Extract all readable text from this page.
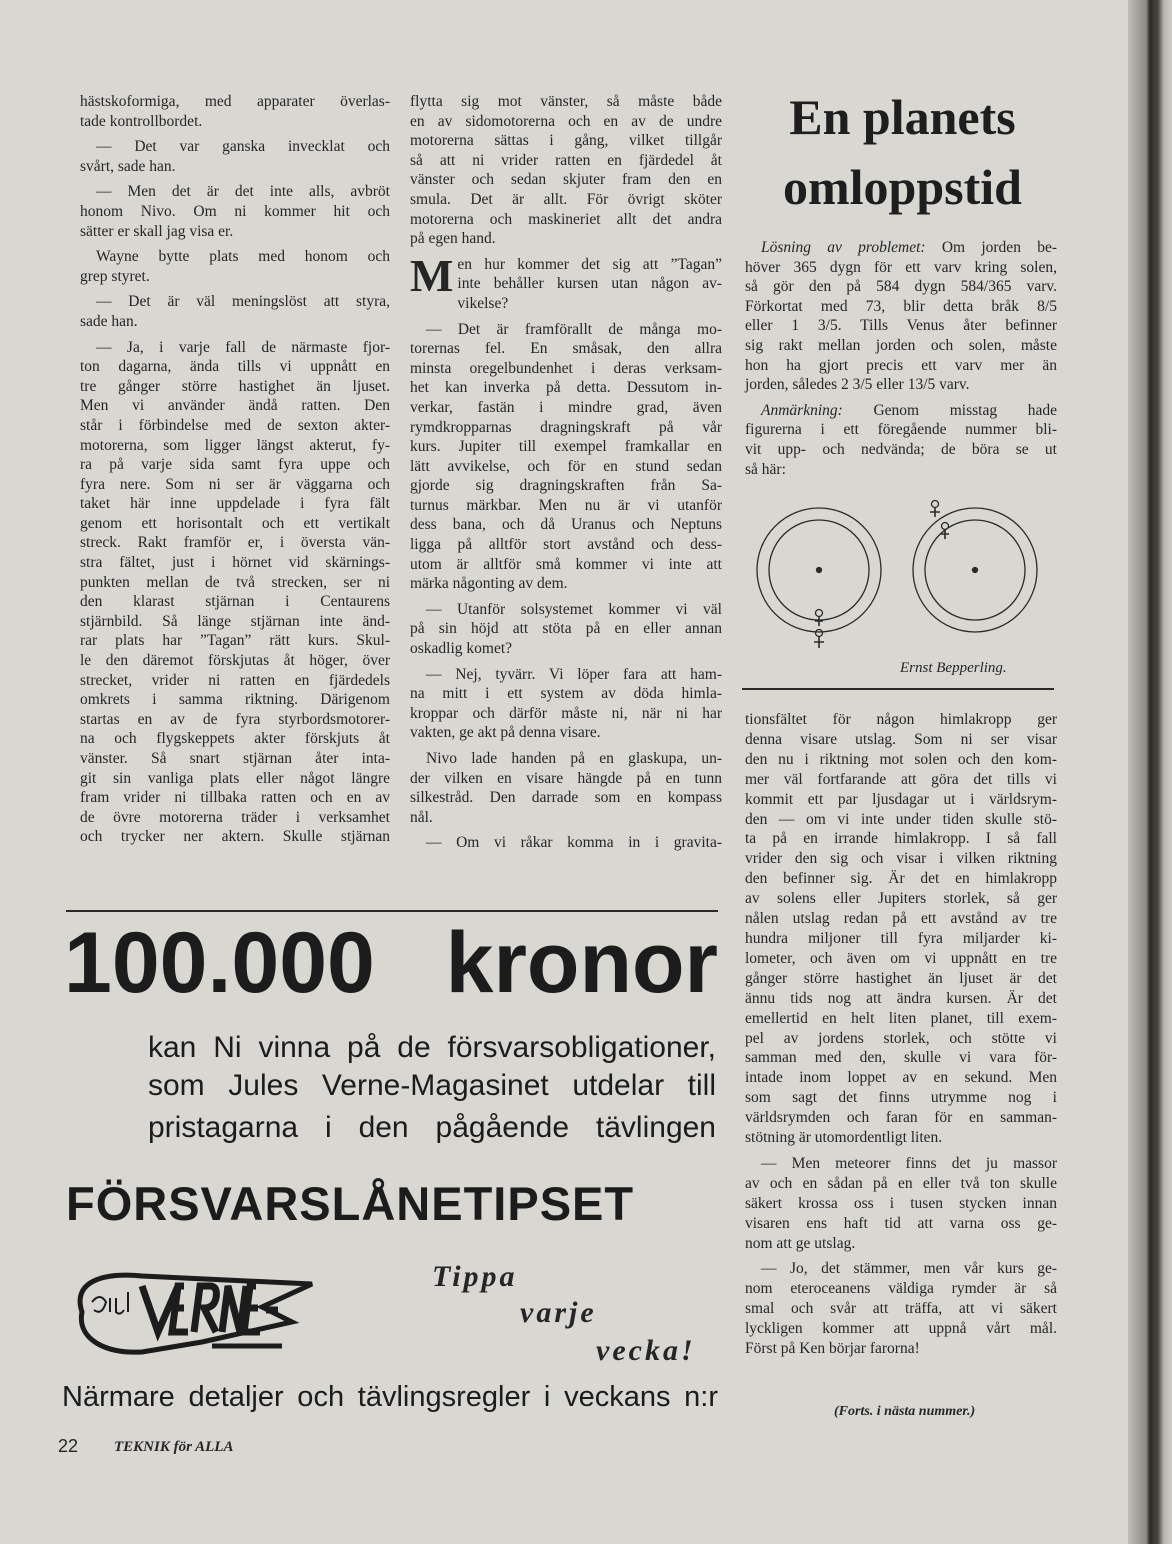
hästskoformiga, med apparater överlas-
tade kontrollbordet.
— Det var ganska invecklat och
svårt, sade han.
— Men det är det inte alls, avbröt
honom Nivo. Om ni kommer hit och
sätter er skall jag visa er.
Wayne bytte plats med honom och
grep styret.
— Det är väl meningslöst att styra,
sade han.
— Ja, i varje fall de närmaste fjor-
ton dagarna, ända tills vi uppnått en
tre gånger större hastighet än ljuset.
Men vi använder ändå ratten. Den
står i förbindelse med de sexton akter-
motorerna, som ligger längst akterut, fy-
ra på varje sida samt fyra uppe och
fyra nere. Som ni ser är väggarna och
taket här inne uppdelade i fyra fält
genom ett horisontalt och ett vertikalt
streck. Rakt framför er, i översta vän-
stra fältet, just i hörnet vid skärnings-
punkten mellan de två strecken, ser ni
den klarast stjärnan i Centaurens
stjärnbild. Så länge stjärnan inte änd-
rar plats har ”Tagan” rätt kurs. Skul-
le den däremot förskjutas åt höger, över
strecket, vrider ni ratten en fjärdedels
omkrets i samma riktning. Därigenom
startas en av de fyra styrbordsmotorer-
na och flygskeppets akter förskjuts åt
vänster. Så snart stjärnan åter inta-
git sin vanliga plats eller något längre
fram vrider ni tillbaka ratten och en av
de övre motorerna träder i verksamhet
och trycker ner aktern. Skulle stjärnan
flytta sig mot vänster, så måste både
en av sidomotorerna och en av de undre
motorerna sättas i gång, vilket tillgår
så att ni vrider ratten en fjärdedel åt
vänster och sedan skjuter fram den en
smula. Det är allt. För övrigt sköter
motorerna och maskineriet allt det andra
på egen hand.
M en hur kommer det sig att ”Tagan”
inte behåller kursen utan någon av-
vikelse?
— Det är framförallt de många mo-
torernas fel. En småsak, den allra
minsta oregelbundenhet i deras verksam-
het kan inverka på detta. Dessutom in-
verkar, fastän i mindre grad, även
rymdkropparnas dragningskraft på vår
kurs. Jupiter till exempel framkallar en
lätt avvikelse, och för en stund sedan
gjorde sig dragningskraften från Sa-
turnus märkbar. Men nu är vi utanför
dess bana, och då Uranus och Neptuns
ligga på alltför stort avstånd och dess-
utom är alltför små kommer vi inte att
märka någonting av dem.
— Utanför solsystemet kommer vi väl
på sin höjd att stöta på en eller annan
oskadlig komet?
— Nej, tyvärr. Vi löper fara att ham-
na mitt i ett system av döda himla-
kroppar och därför måste ni, när ni har
vakten, ge akt på denna visare.
Nivo lade handen på en glaskupa, un-
der vilken en visare hängde på en tunn
silkestråd. Den darrade som en kompass
nål.
— Om vi råkar komma in i gravita-
En planets
omloppstid
Lösning av problemet: Om jorden be-
höver 365 dygn för ett varv kring solen,
så gör den på 584 dygn 584/365 varv.
Förkortat med 73, blir detta bråk 8/5
eller 1 3/5. Tills Venus åter befinner
sig rakt mellan jorden och solen, måste
hon ha gjort precis ett varv mer än
jorden, således 2 3/5 eller 13/5 varv.
Anmärkning: Genom misstag hade
figurerna i ett föregående nummer bli-
vit upp- och nedvända; de böra se ut
så här:
Ernst Bepperling.
tionsfältet för någon himlakropp ger
denna visare utslag. Som ni ser visar
den nu i riktning mot solen och den kom-
mer väl fortfarande att göra det tills vi
kommit ett par ljusdagar ut i världsrym-
den — om vi inte under tiden skulle stö-
ta på en irrande himlakropp. I så fall
vrider den sig och visar i vilken riktning
den befinner sig. Är det en himlakropp
av solens eller Jupiters storlek, så ger
nålen utslag redan på ett avstånd av tre
hundra miljoner till fyra miljarder ki-
lometer, och även om vi uppnått en tre
gånger större hastighet än ljuset är det
ännu tids nog att ändra kursen. Är det
emellertid en helt liten planet, till exem-
pel av jordens storlek, och stötte vi
samman med den, skulle vi vara för-
intade inom loppet av en sekund. Men
som sagt det finns utrymme nog i
världsrymden och faran för en samman-
stötning är utomordentligt liten.
— Men meteorer finns det ju massor
av och en sådan på en eller två ton skulle
säkert krossa oss i tusen stycken innan
visaren ens haft tid att varna oss ge-
nom att ge utslag.
— Jo, det stämmer, men vår kurs ge-
nom eteroceanens väldiga rymder är så
smal och svår att träffa, att vi säkert
lyckligen kommer att uppnå vårt mål.
Först på Ken börjar farorna!
(Forts. i nästa nummer.)
100.000 kronor
kan Ni vinna på de försvarsobligationer,
som Jules Verne-Magasinet utdelar till
pristagarna i den pågående tävlingen
FÖRSVARSLÅNETIPSET
Tippa
varje
vecka!
Närmare detaljer och tävlingsregler i veckans n:r
22 TEKNIK för ALLA
